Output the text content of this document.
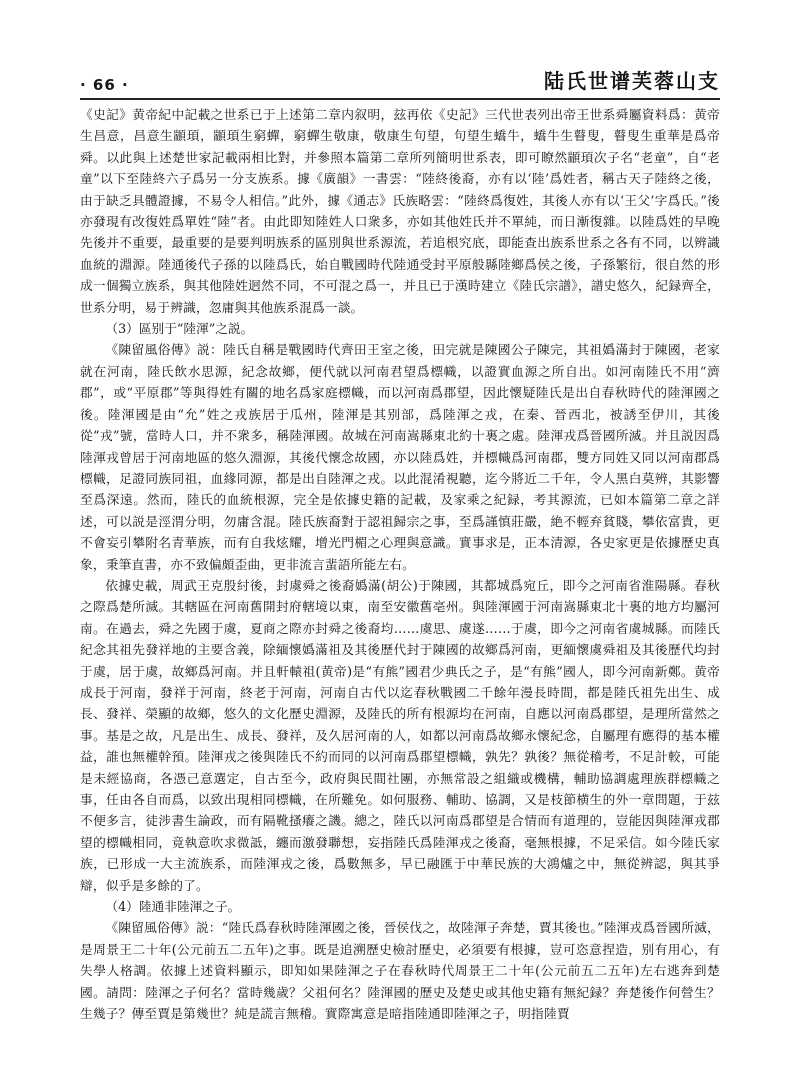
· 66 ·	陆氏世谱芙蓉山支

《史記》黄帝紀中記載之世系已于上述第二章内叙明，玆再依《史記》三代世表列出帝王世系舜屬資料爲：黄帝生昌意，昌意生顓頊，顓頊生窮蟬，窮蟬生敬康，敬康生句望，句望生蟜牛，蟜牛生瞽叟，瞽叟生重華是爲帝舜。以此與上述楚世家記載兩相比對，并參照本篇第二章所列簡明世系表，即可瞭然顓頊次子名“老童”，自“老童”以下至陸終六子爲另一分支族系。據《廣韻》一書雲：“陸終後裔，亦有以‘陸’爲姓者，稱古天子陸終之後，由于缺乏具體證據，不易令人相信。”此外，據《通志》氏族略雲：“陸終爲復姓，其後人亦有以‘王父’字爲氏。”後亦發現有改復姓爲單姓“陸”者。由此即知陸姓人口衆多，亦如其他姓氏并不單純，而日漸復雜。以陸爲姓的早晚先後并不重要，最重要的是要判明族系的區別與世系源流，若追根究底，即能查出族系世系之各有不同，以辨識血統的淵源。陸通後代子孫的以陸爲氏，始自戰國時代陸通受封平原般縣陸鄉爲侯之後，子孫繁衍，很自然的形成一個獨立族系，與其他陸姓迥然不同，不可混之爲一，并且已于漢時建立《陸氏宗譜》，譜史悠久，紀録齊全，世系分明，易于辨識，忽庸與其他族系混爲一談。

（3）區别于“陸渾”之説。

《陳留風俗傳》説：陸氏自稱是戰國時代齊田王室之後，田完就是陳國公子陳完，其祖嬀滿封于陳國，老家就在河南，陸氏飲水思源，紀念故鄉，便代就以河南君望爲標幟，以證實血源之所自出。如河南陸氏不用“濟郡”，或“平原郡”等與得姓有關的地名爲家庭標幟，而以河南爲郡望，因此懷疑陸氏是出自春秋時代的陸渾國之後。陸渾國是由“允”姓之戎族居于瓜州，陸渾是其别部，爲陸渾之戎，在秦、晉西北，被誘至伊川，其後從“戎”號，當時人口，并不衆多，稱陸渾國。故城在河南嵩縣東北約十裏之處。陸渾戎爲晉國所滅。并且説因爲陸渾戎曾居于河南地區的悠久淵源，其後代懷念故國，亦以陸爲姓，并標幟爲河南郡，雙方同姓又同以河南郡爲標幟，足證同族同祖，血緣同源，都是出自陸渾之戎。以此混淆視聽，迄今將近二千年，令人黑白莫辨，其影響至爲深遠。然而，陸氏的血統根源，完全是依據史籍的記載，及家乘之紀録，考其源流，已如本篇第二章之詳述，可以説是涇渭分明，勿庸含混。陸氏族裔對于認祖歸宗之事，至爲謹慎莊嚴，絶不輕弃貧賤，攀依富貴，更不會妄引攀附名青華族，而有自我炫耀，增光門楣之心理與意識。實事求是，正本清源，各史家更是依據歷史真象，秉筆直書，亦不致偏頗歪曲，更非流言蜚語所能左右。

依據史載，周武王克殷紂後，封虞舜之後裔嬀滿(胡公)于陳國，其都城爲宛丘，即今之河南省淮陽縣。春秋之際爲楚所滅。其轄區在河南舊開封府轄境以東，南至安徽舊亳州。與陸渾國于河南嵩縣東北十裏的地方均屬河南。在過去，舜之先國于虞，夏商之際亦封舜之後裔均……虞思、虞遂……于虞，即今之河南省虞城縣。而陸氏紀念其祖先發祥地的主要含義，除緬懷嬀滿祖及其後歷代封于陳國的故鄉爲河南，更緬懷虞舜祖及其後歷代均封于虞，居于虞，故鄉爲河南。并且軒轅祖(黄帝)是“有熊”國君少典氏之子，是“有熊”國人，即今河南新鄭。黄帝成長于河南，發祥于河南，終老于河南，河南自古代以迄春秋戰國二千餘年漫長時間，都是陸氏祖先出生、成長、發祥、榮顯的故鄉，悠久的文化歷史淵源，及陸氏的所有根源均在河南，自應以河南爲郡望，是理所當然之事。基是之故，凡是出生、成長、發祥，及久居河南的人，如都以河南爲故鄉永懷紀念，自屬理有應得的基本權益，誰也無權幹預。陸渾戎之後與陸氏不約而同的以河南爲郡望標幟，孰先？孰後？無從稽考，不足計較，可能是未經協商，各憑己意選定，自古至今，政府與民間社團，亦無常設之組織或機構，輔助協調處理族群標幟之事，任由各自而爲，以致出現相同標幟，在所難免。如何服務、輔助、協調，又是枝節横生的外一章問題，于玆不便多言，徒涉書生論政，而有隔靴搔癢之譏。總之，陸氏以河南爲郡望是合情而有道理的，豈能因與陸渾戎郡望的標幟相同，竟執意吹求微詆，纏而激發聯想，妄指陸氏爲陸渾戎之後裔，毫無根據，不足采信。如今陸氏家族，已形成一大主流族系，而陸渾戎之後，爲數無多，早已融匯于中華民族的大鴻爐之中，無從辨認，與其爭辯，似乎是多餘的了。

（4）陸通非陸渾之子。

《陳留風俗傳》説：“陸氏爲春秋時陸渾國之後，晉侯伐之，故陸渾子奔楚，賈其後也。”陸渾戎爲晉國所滅，是周景王二十年(公元前五二五年)之事。既是追溯歷史檢討歷史，必須要有根據，豈可恣意捏造，别有用心，有失學人格調。依據上述資料顯示，即知如果陸渾之子在春秋時代周景王二十年(公元前五二五年)左右逃奔到楚國。請問：陸渾之子何名？當時幾歲？父祖何名？陸渾國的歷史及楚史或其他史籍有無紀録？奔楚後作何營生？生幾子？傳至賈是第幾世？純是謊言無稽。實際寓意是暗指陸通即陸渾之子，明指陸賈
